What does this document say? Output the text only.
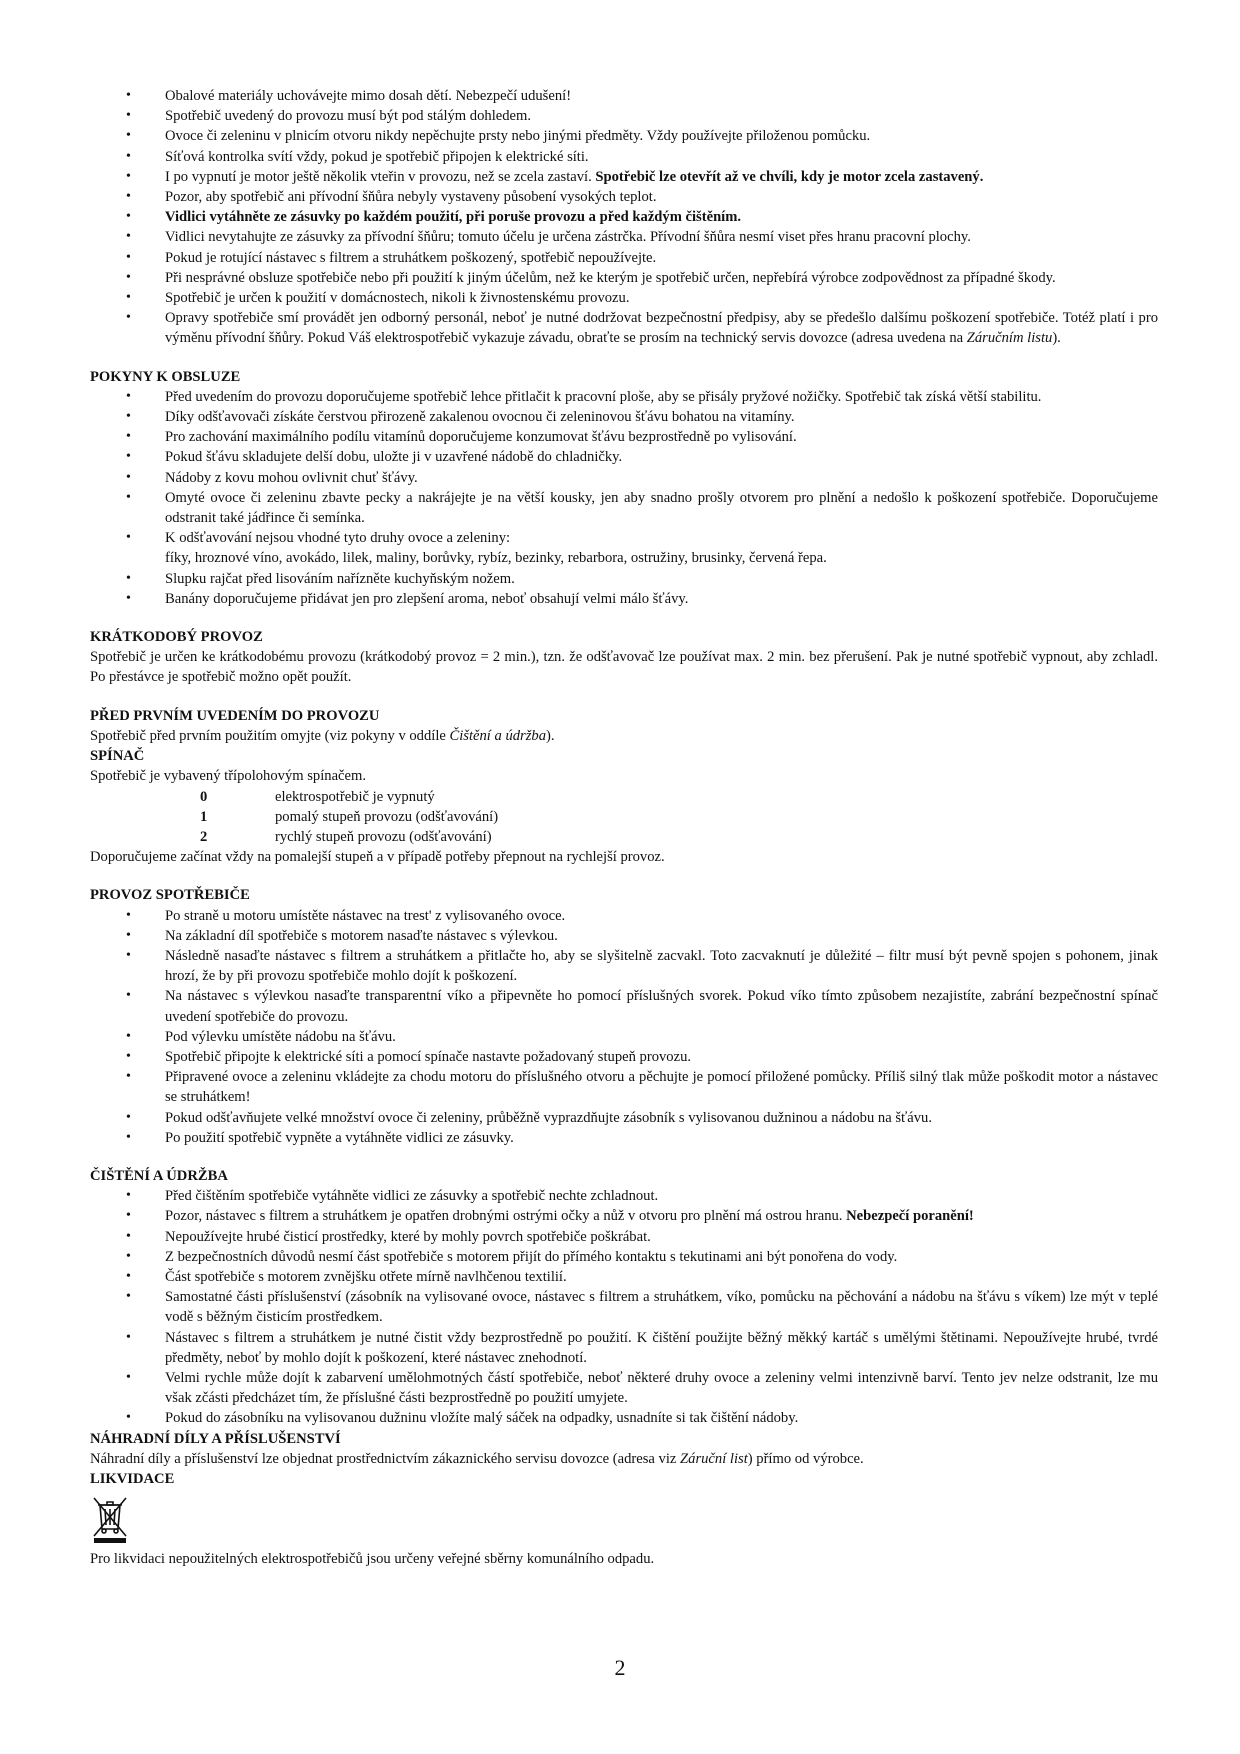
• Obalové materiály uchovávejte mimo dosah dětí. Nebezpečí udušení!
• Spotřebič uvedený do provozu musí být pod stálým dohledem.
• Ovoce či zeleninu v plnicím otvoru nikdy nepěchujte prsty nebo jinými předměty. Vždy používejte přiloženou pomůcku.
• Síťová kontrolka svítí vždy, pokud je spotřebič připojen k elektrické síti.
• I po vypnutí je motor ještě několik vteřin v provozu, než se zcela zastaví. Spotřebič lze otevřít až ve chvíli, kdy je motor zcela zastavený.
• Pozor, aby spotřebič ani přívodní šňůra nebyly vystaveny působení vysokých teplot.
• Vidlici vytáhněte ze zásuvky po každém použití, při poruše provozu a před každým čištěním.
• Vidlici nevytahujte ze zásuvky za přívodní šňůru; tomuto účelu je určena zástrčka. Přívodní šňůra nesmí viset přes hranu pracovní plochy.
• Pokud je rotující nástavec s filtrem a struhátkem poškozený, spotřebič nepoužívejte.
• Při nesprávné obsluze spotřebiče nebo při použití k jiným účelům, než ke kterým je spotřebič určen, nepřebírá výrobce zodpovědnost za případné škody.
• Spotřebič je určen k použití v domácnostech, nikoli k živnostenskému provozu.
• Opravy spotřebiče smí provádět jen odborný personál, neboť je nutné dodržovat bezpečnostní předpisy, aby se předešlo dalšímu poškození spotřebiče. Totéž platí i pro výměnu přívodní šňůry. Pokud Váš elektrospotřebič vykazuje závadu, obraťte se prosím na technický servis dovozce (adresa uvedena na Záručním listu).
POKYNY K OBSLUZE
• Před uvedením do provozu doporučujeme spotřebič lehce přitlačit k pracovní ploše, aby se přisály pryžové nožičky. Spotřebič tak získá větší stabilitu.
• Díky odšťavovači získáte čerstvou přirozeně zakalenou ovocnou či zeleninovou šťávu bohatou na vitamíny.
• Pro zachování maximálního podílu vitamínů doporučujeme konzumovat šťávu bezprostředně po vylisování.
• Pokud šťávu skladujete delší dobu, uložte ji v uzavřené nádobě do chladničky.
• Nádoby z kovu mohou ovlivnit chuť šťávy.
• Omyté ovoce či zeleninu zbavte pecky a nakrájejte je na větší kousky, jen aby snadno prošly otvorem pro plnění a nedošlo k poškození spotřebiče. Doporučujeme odstranit také jádřince či semínka.
• K odšťavování nejsou vhodné tyto druhy ovoce a zeleniny:
fíky, hroznové víno, avokádo, lilek, maliny, borůvky, rybíz, bezinky, rebarbora, ostružiny, brusinky, červená řepa.
• Slupku rajčat před lisováním nařízněte kuchyňským nožem.
• Banány doporučujeme přidávat jen pro zlepšení aroma, neboť obsahují velmi málo šťávy.
KRÁTKODOBÝ PROVOZ

Spotřebič je určen ke krátkodobému provozu (krátkodobý provoz = 2 min.), tzn. že odšťavovač lze používat max. 2 min. bez přerušení. Pak je nutné spotřebič vypnout, aby zchladl. Po přestávce je spotřebič možno opět použít.

PŘED PRVNÍM UVEDENÍM DO PROVOZU

Spotřebič před prvním použitím omyjte (viz pokyny v oddíle Čištění a údržba).

SPÍNAČ

Spotřebič je vybavený třípolohovým spínačem.

0	elektrospotřebič je vypnutý
1	pomalý stupeň provozu (odšťavování)
2	rychlý stupeň provozu (odšťavování)

Doporučujeme začínat vždy na pomalejší stupeň a v případě potřeby přepnout na rychlejší provoz.

PROVOZ SPOTŘEBIČE
• Po straně u motoru umístěte nástavec na trest' z vylisovaného ovoce.
• Na základní díl spotřebiče s motorem nasaďte nástavec s výlevkou.
• Následně nasaďte nástavec s filtrem a struhátkem a přitlačte ho, aby se slyšitelně zacvakl. Toto zacvaknutí je důležité – filtr musí být pevně spojen s pohonem, jinak hrozí, že by při provozu spotřebiče mohlo dojít k poškození.
• Na nástavec s výlevkou nasaďte transparentní víko a připevněte ho pomocí příslušných svorek. Pokud víko tímto způsobem nezajistíte, zabrání bezpečnostní spínač uvedení spotřebiče do provozu.
• Pod výlevku umístěte nádobu na šťávu.
• Spotřebič připojte k elektrické síti a pomocí spínače nastavte požadovaný stupeň provozu.
• Připravené ovoce a zeleninu vkládejte za chodu motoru do příslušného otvoru a pěchujte je pomocí přiložené pomůcky. Příliš silný tlak může poškodit motor a nástavec se struhátkem!
• Pokud odšťavňujete velké množství ovoce či zeleniny, průběžně vyprazdňujte zásobník s vylisovanou dužninou a nádobu na šťávu.
• Po použití spotřebič vypněte a vytáhněte vidlici ze zásuvky.
ČIŠTĚNÍ A ÚDRŽBA
• Před čištěním spotřebiče vytáhněte vidlici ze zásuvky a spotřebič nechte zchladnout.
• Pozor, nástavec s filtrem a struhátkem je opatřen drobnými ostrými očky a nůž v otvoru pro plnění má ostrou hranu. Nebezpečí poranění!
• Nepoužívejte hrubé čisticí prostředky, které by mohly povrch spotřebiče poškrábat.
• Z bezpečnostních důvodů nesmí část spotřebiče s motorem přijít do přímého kontaktu s tekutinami ani být ponořena do vody.
• Část spotřebiče s motorem zvnějšku otřete mírně navlhčenou textilií.
• Samostatné části příslušenství (zásobník na vylisované ovoce, nástavec s filtrem a struhátkem, víko, pomůcku na pěchování a nádobu na šťávu s víkem) lze mýt v teplé vodě s běžným čisticím prostředkem.
• Nástavec s filtrem a struhátkem je nutné čistit vždy bezprostředně po použití. K čištění použijte běžný měkký kartáč s umělými štětinami. Nepoužívejte hrubé, tvrdé předměty, neboť by mohlo dojít k poškození, které nástavec znehodnotí.
• Velmi rychle může dojít k zabarvení umělohmotných částí spotřebiče, neboť některé druhy ovoce a zeleniny velmi intenzivně barví. Tento jev nelze odstranit, lze mu však zčásti předcházet tím, že příslušné části bezprostředně po použití umyjete.
• Pokud do zásobníku na vylisovanou dužninu vložíte malý sáček na odpadky, usnadníte si tak čištění nádoby.
NÁHRADNÍ DÍLY A PŘÍSLUŠENSTVÍ

Náhradní díly a příslušenství lze objednat prostřednictvím zákaznického servisu dovozce (adresa viz Záruční list) přímo od výrobce.

LIKVIDACE

Pro likvidaci nepoužitelných elektrospotřebičů jsou určeny veřejné sběrny komunálního odpadu.

2
